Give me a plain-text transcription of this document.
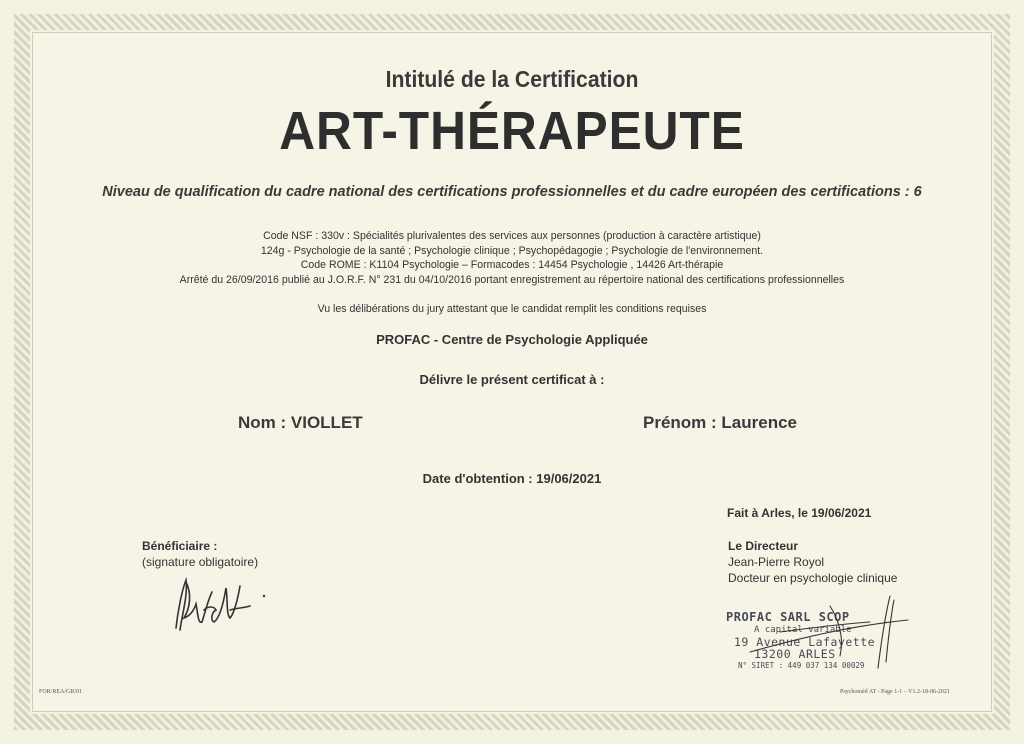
Intitulé de la Certification
ART-THÉRAPEUTE
Niveau de qualification du cadre national des certifications professionnelles et du cadre européen des certifications : 6
Code NSF : 330v : Spécialités plurivalentes des services aux personnes (production à caractère artistique)
124g - Psychologie de la santé ; Psychologie clinique ; Psychopédagogie ; Psychologie de l'environnement.
Code ROME : K1104 Psychologie – Formacodes : 14454 Psychologie , 14426 Art-thérapie
Arrêté du 26/09/2016 publié au J.O.R.F. N° 231 du 04/10/2016 portant enregistrement au répertoire national des certifications professionnelles
Vu les délibérations du jury attestant que le candidat remplit les conditions requises
PROFAC - Centre de Psychologie Appliquée
Délivre le présent certificat à :
Nom : VIOLLET	Prénom : Laurence
Date d'obtention : 19/06/2021
Fait à Arles, le 19/06/2021
Bénéficiaire :
(signature obligatoire)
Le Directeur
Jean-Pierre Royol
Docteur en psychologie clinique
PROFAC SARL SCOP
A capital variable
19 Avenue Lafayette
13200 ARLES
N° SIRET : 449 037 134 00029
FOR/REA/GR/01	Psychoméd AT - Page 1-1 – V1.2-18-06-2021
